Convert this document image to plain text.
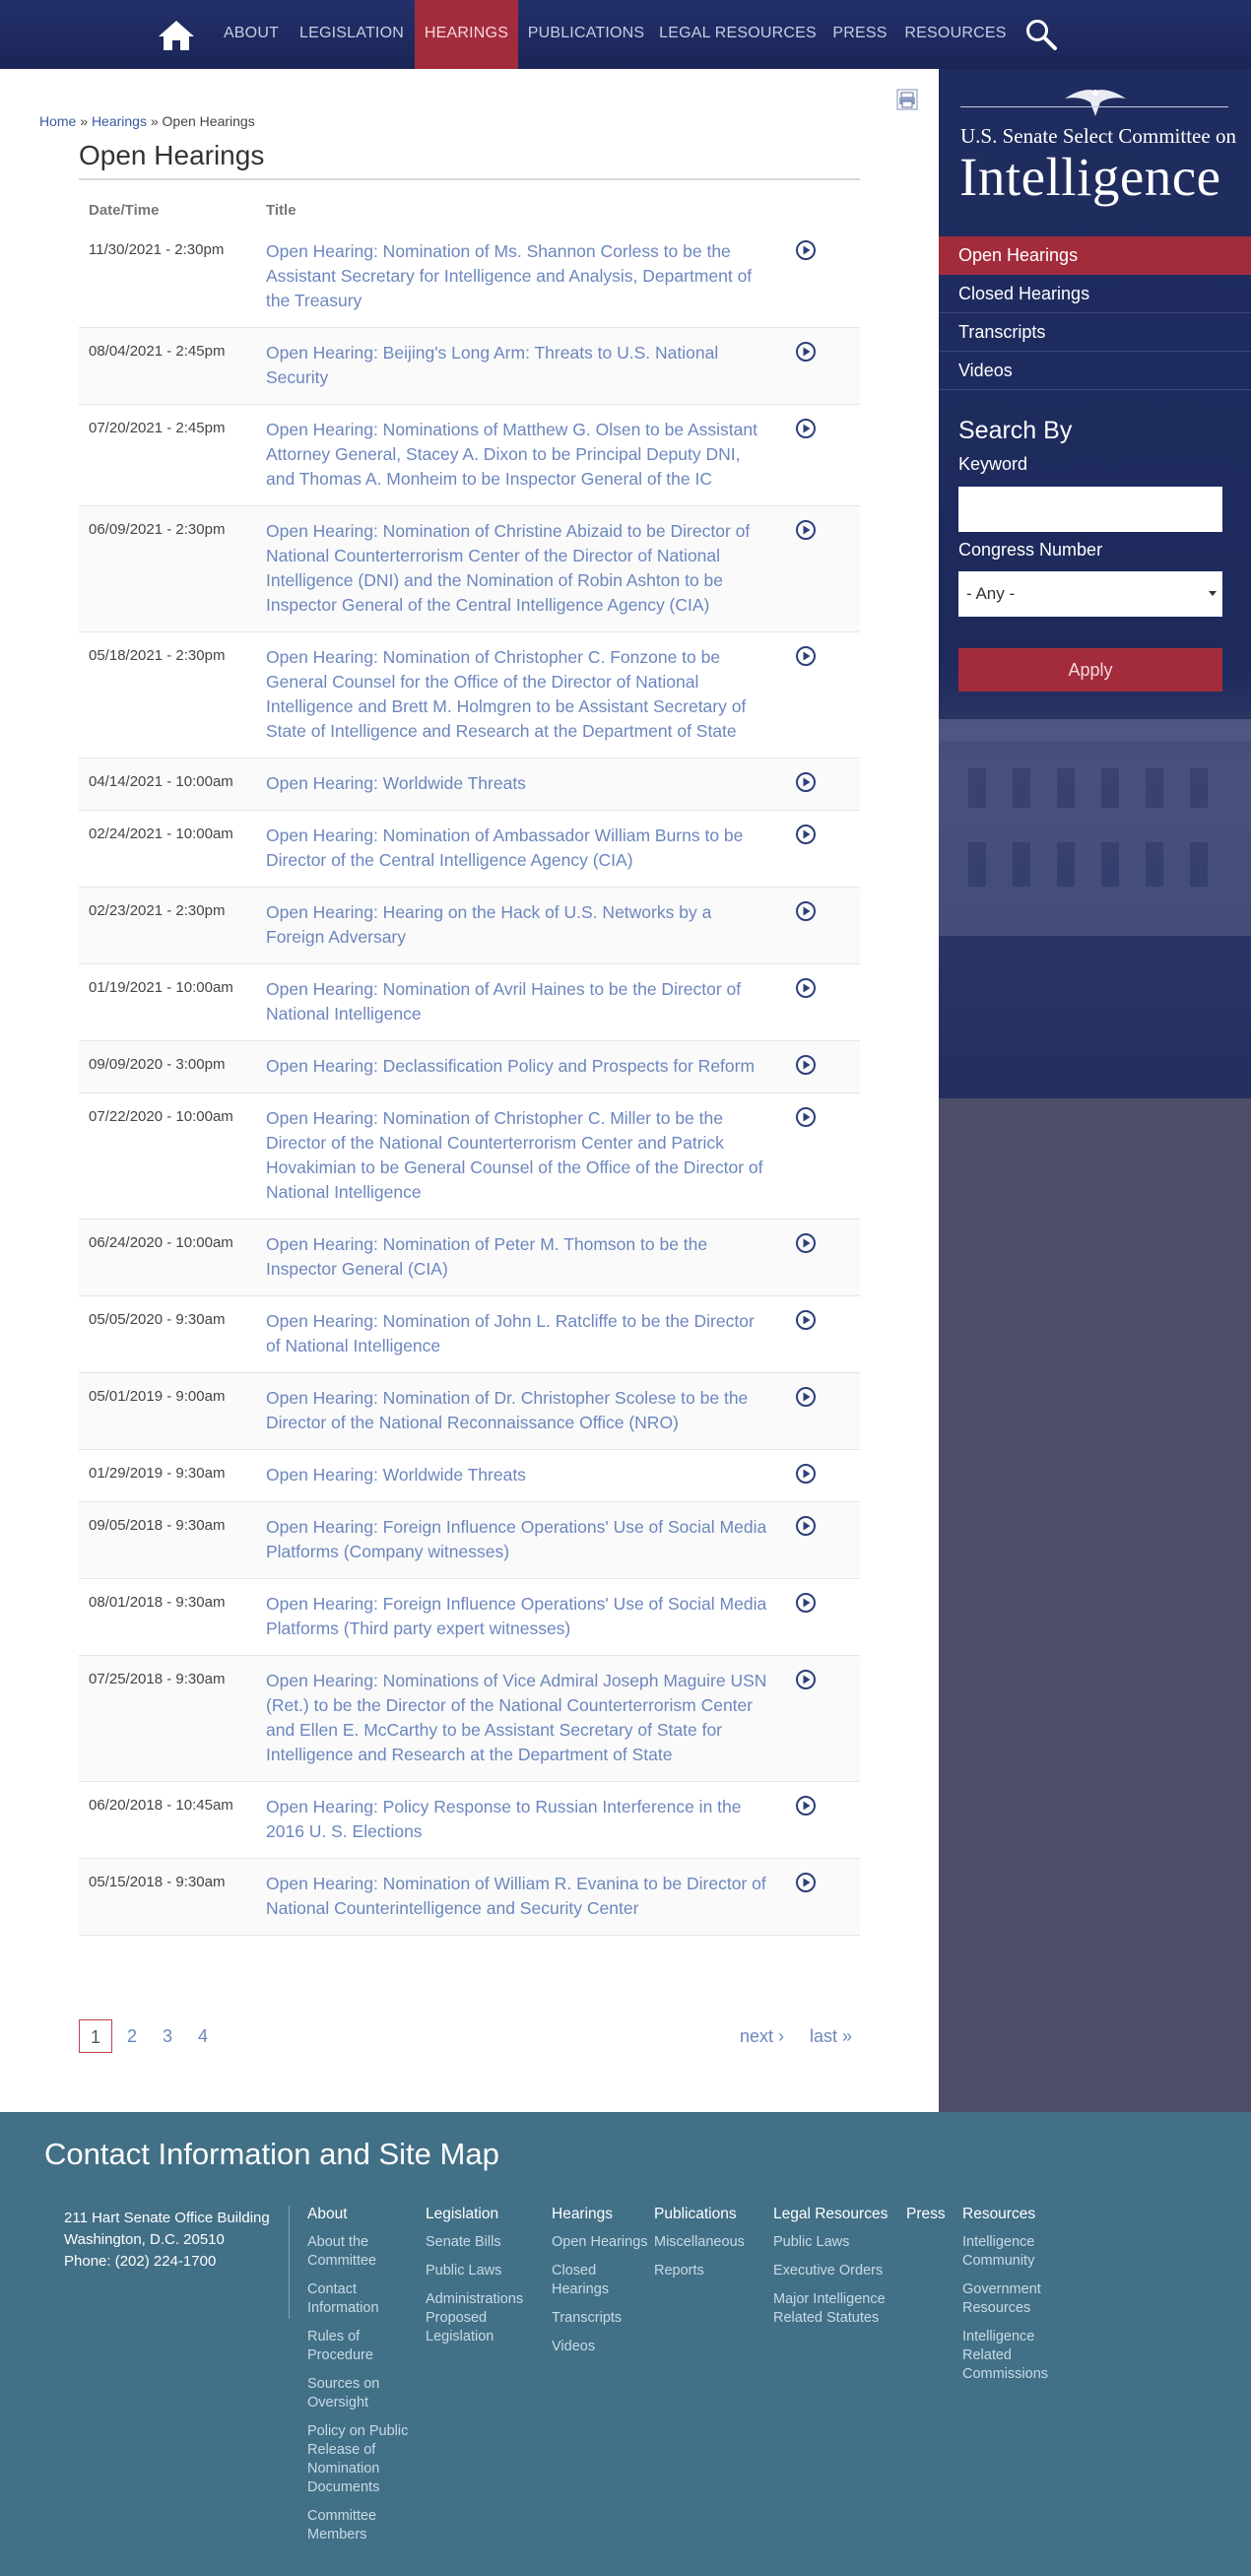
ABOUT	LEGISLATION	HEARINGS	PUBLICATIONS LEGAL RESOURCES	PRESS	RESOURCES
U.S. Senate Select Committee on
Intelligence
Open Hearings
Closed Hearings
Transcripts
Videos
Search By
Keyword
Congress Number
- Any -
Apply
Home » Hearings » Open Hearings
Open Hearings
Date/Time	Title
11/30/2021 - 2:30pm Open Hearing: Nomination of Ms. Shannon Corless to be the Assistant Secretary for Intelligence and Analysis, Department of the Treasury
08/04/2021 - 2:45pm Open Hearing: Beijing's Long Arm: Threats to U.S. National Security
07/20/2021 - 2:45pm Open Hearing: Nominations of Matthew G. Olsen to be Assistant Attorney General, Stacey A. Dixon to be Principal Deputy DNI, and Thomas A. Monheim to be Inspector General of the IC
06/09/2021 - 2:30pm Open Hearing: Nomination of Christine Abizaid to be Director of National Counterterrorism Center of the Director of National Intelligence (DNI) and the Nomination of Robin Ashton to be Inspector General of the Central Intelligence Agency (CIA)
05/18/2021 - 2:30pm Open Hearing: Nomination of Christopher C. Fonzone to be General Counsel for the Office of the Director of National Intelligence and Brett M. Holmgren to be Assistant Secretary of State of Intelligence and Research at the Department of State
04/14/2021 - 10:00am Open Hearing: Worldwide Threats
02/24/2021 - 10:00am Open Hearing: Nomination of Ambassador William Burns to be Director of the Central Intelligence Agency (CIA)
02/23/2021 - 2:30pm Open Hearing: Hearing on the Hack of U.S. Networks by a Foreign Adversary
01/19/2021 - 10:00am Open Hearing: Nomination of Avril Haines to be the Director of National Intelligence
09/09/2020 - 3:00pm Open Hearing: Declassification Policy and Prospects for Reform
07/22/2020 - 10:00am Open Hearing: Nomination of Christopher C. Miller to be the Director of the National Counterterrorism Center and Patrick Hovakimian to be General Counsel of the Office of the Director of National Intelligence
06/24/2020 - 10:00am Open Hearing: Nomination of Peter M. Thomson to be the Inspector General (CIA)
05/05/2020 - 9:30am Open Hearing: Nomination of John L. Ratcliffe to be the Director of National Intelligence
05/01/2019 - 9:00am Open Hearing: Nomination of Dr. Christopher Scolese to be the Director of the National Reconnaissance Office (NRO)
01/29/2019 - 9:30am Open Hearing: Worldwide Threats
09/05/2018 - 9:30am Open Hearing: Foreign Influence Operations' Use of Social Media Platforms (Company witnesses)
08/01/2018 - 9:30am Open Hearing: Foreign Influence Operations' Use of Social Media Platforms (Third party expert witnesses)
07/25/2018 - 9:30am Open Hearing: Nominations of Vice Admiral Joseph Maguire USN (Ret.) to be the Director of the National Counterterrorism Center and Ellen E. McCarthy to be Assistant Secretary of State for Intelligence and Research at the Department of State
06/20/2018 - 10:45am Open Hearing: Policy Response to Russian Interference in the 2016 U. S. Elections
05/15/2018 - 9:30am Open Hearing: Nomination of William R. Evanina to be Director of National Counterintelligence and Security Center
1	2	3	4	next › last »
Contact Information and Site Map
211 Hart Senate Office Building
Washington, D.C. 20510
Phone: (202) 224-1700
About
About the Committee
Contact Information
Rules of Procedure
Sources on Oversight
Policy on Public Release of Nomination Documents
Committee Members
Legislation
Senate Bills
Public Laws
Administrations Proposed Legislation
Hearings
Open Hearings
Closed Hearings
Transcripts
Videos
Publications
Miscellaneous
Reports
Legal Resources
Public Laws
Executive Orders
Major Intelligence Related Statutes
Press	Resources
Intelligence Community
Government Resources
Intelligence Related Commissions
